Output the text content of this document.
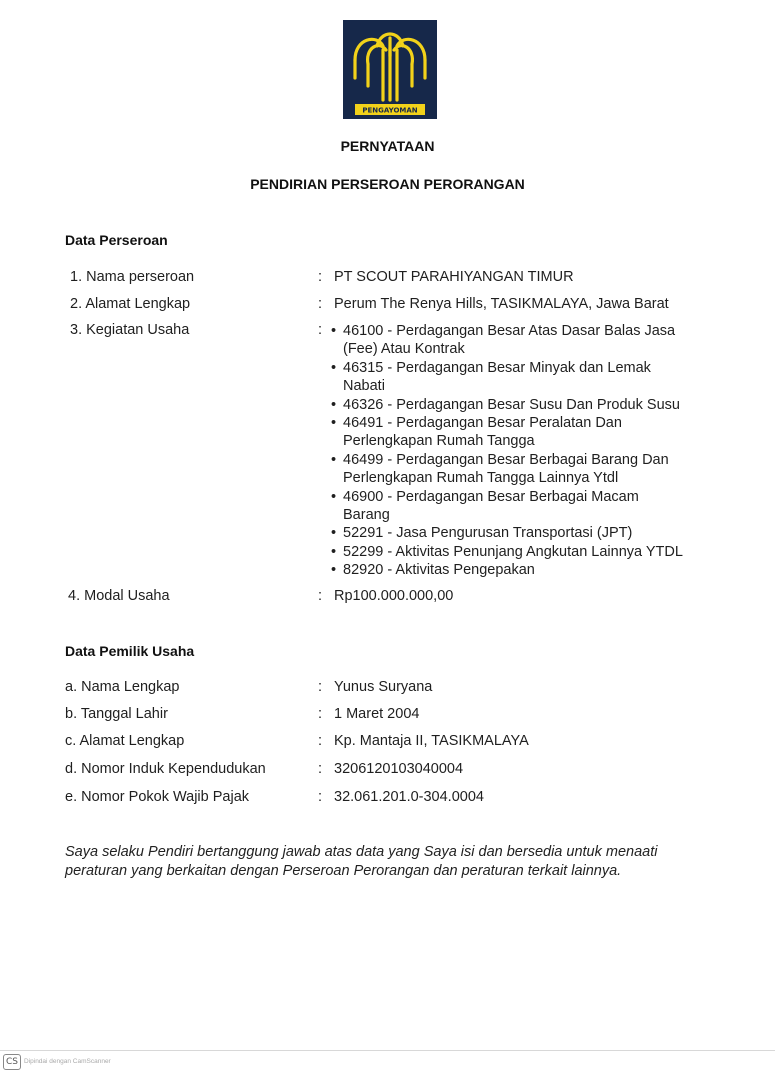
PENGAYOMAN
PERNYATAAN
PENDIRIAN PERSEROAN PERORANGAN
Data Perseroan
1. Nama perseroan	: PT SCOUT PARAHIYANGAN TIMUR
2. Alamat Lengkap	: Perum The Renya Hills, TASIKMALAYA, Jawa Barat
3. Kegiatan Usaha	:
• 46100 - Perdagangan Besar Atas Dasar Balas Jasa
(Fee) Atau Kontrak
• 46315 - Perdagangan Besar Minyak dan Lemak
Nabati
• 46326 - Perdagangan Besar Susu Dan Produk Susu
• 46491 - Perdagangan Besar Peralatan Dan
Perlengkapan Rumah Tangga
• 46499 - Perdagangan Besar Berbagai Barang Dan
Perlengkapan Rumah Tangga Lainnya Ytdl
• 46900 - Perdagangan Besar Berbagai Macam
Barang
• 52291 - Jasa Pengurusan Transportasi (JPT)
• 52299 - Aktivitas Penunjang Angkutan Lainnya YTDL
• 82920 - Aktivitas Pengepakan
4. Modal Usaha	: Rp100.000.000,00
Data Pemilik Usaha
a. Nama Lengkap	: Yunus Suryana
b. Tanggal Lahir	: 1 Maret 2004
c. Alamat Lengkap	: Kp. Mantaja II, TASIKMALAYA
d. Nomor Induk Kependudukan	: 3206120103040004
e. Nomor Pokok Wajib Pajak	: 32.061.201.0-304.0004
Saya selaku Pendiri bertanggung jawab atas data yang Saya isi dan bersedia untuk menaati
peraturan yang berkaitan dengan Perseroan Perorangan dan peraturan terkait lainnya.
CS Dipindai dengan CamScanner
